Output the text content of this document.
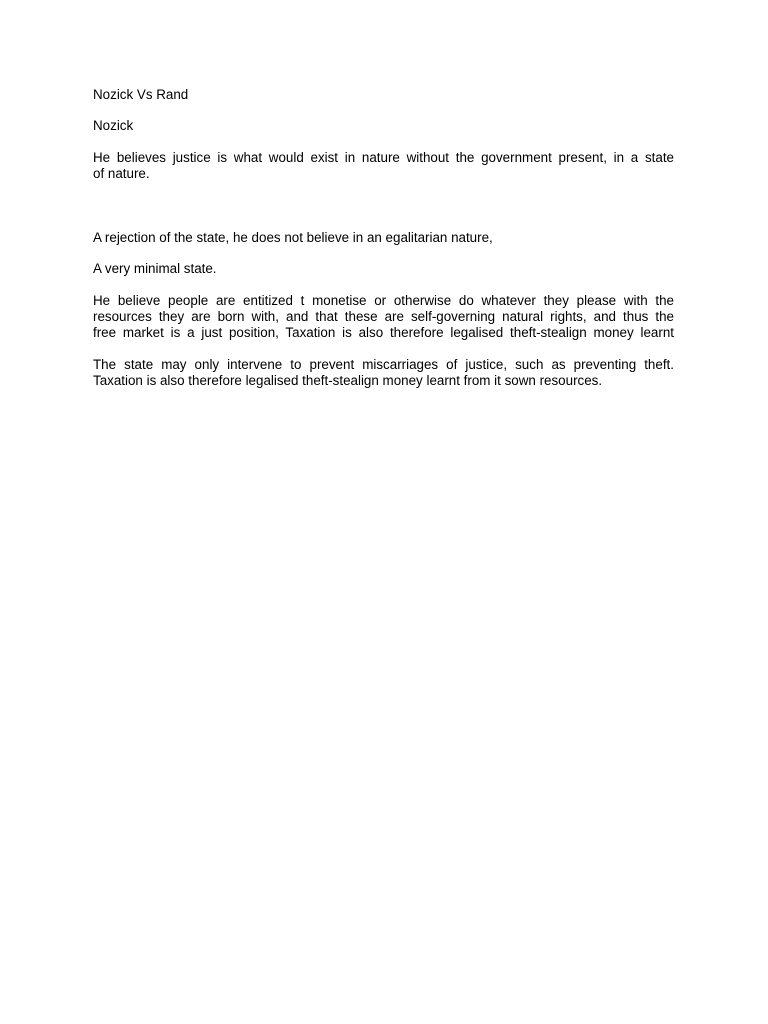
Nozick Vs Rand

Nozick

He believes justice is what would exist in nature without the government present, in a state

of nature.

A rejection of the state, he does not believe in an egalitarian nature,

A very minimal state.

He believe people are entitized t monetise or otherwise do whatever they please with the

resources they are born with, and that these are self-governing natural rights, and thus the

free market is a just position, Taxation is also therefore legalised theft-stealign money learnt

The state may only intervene to prevent miscarriages of justice, such as preventing theft.

Taxation is also therefore legalised theft-stealign money learnt from it sown resources.
